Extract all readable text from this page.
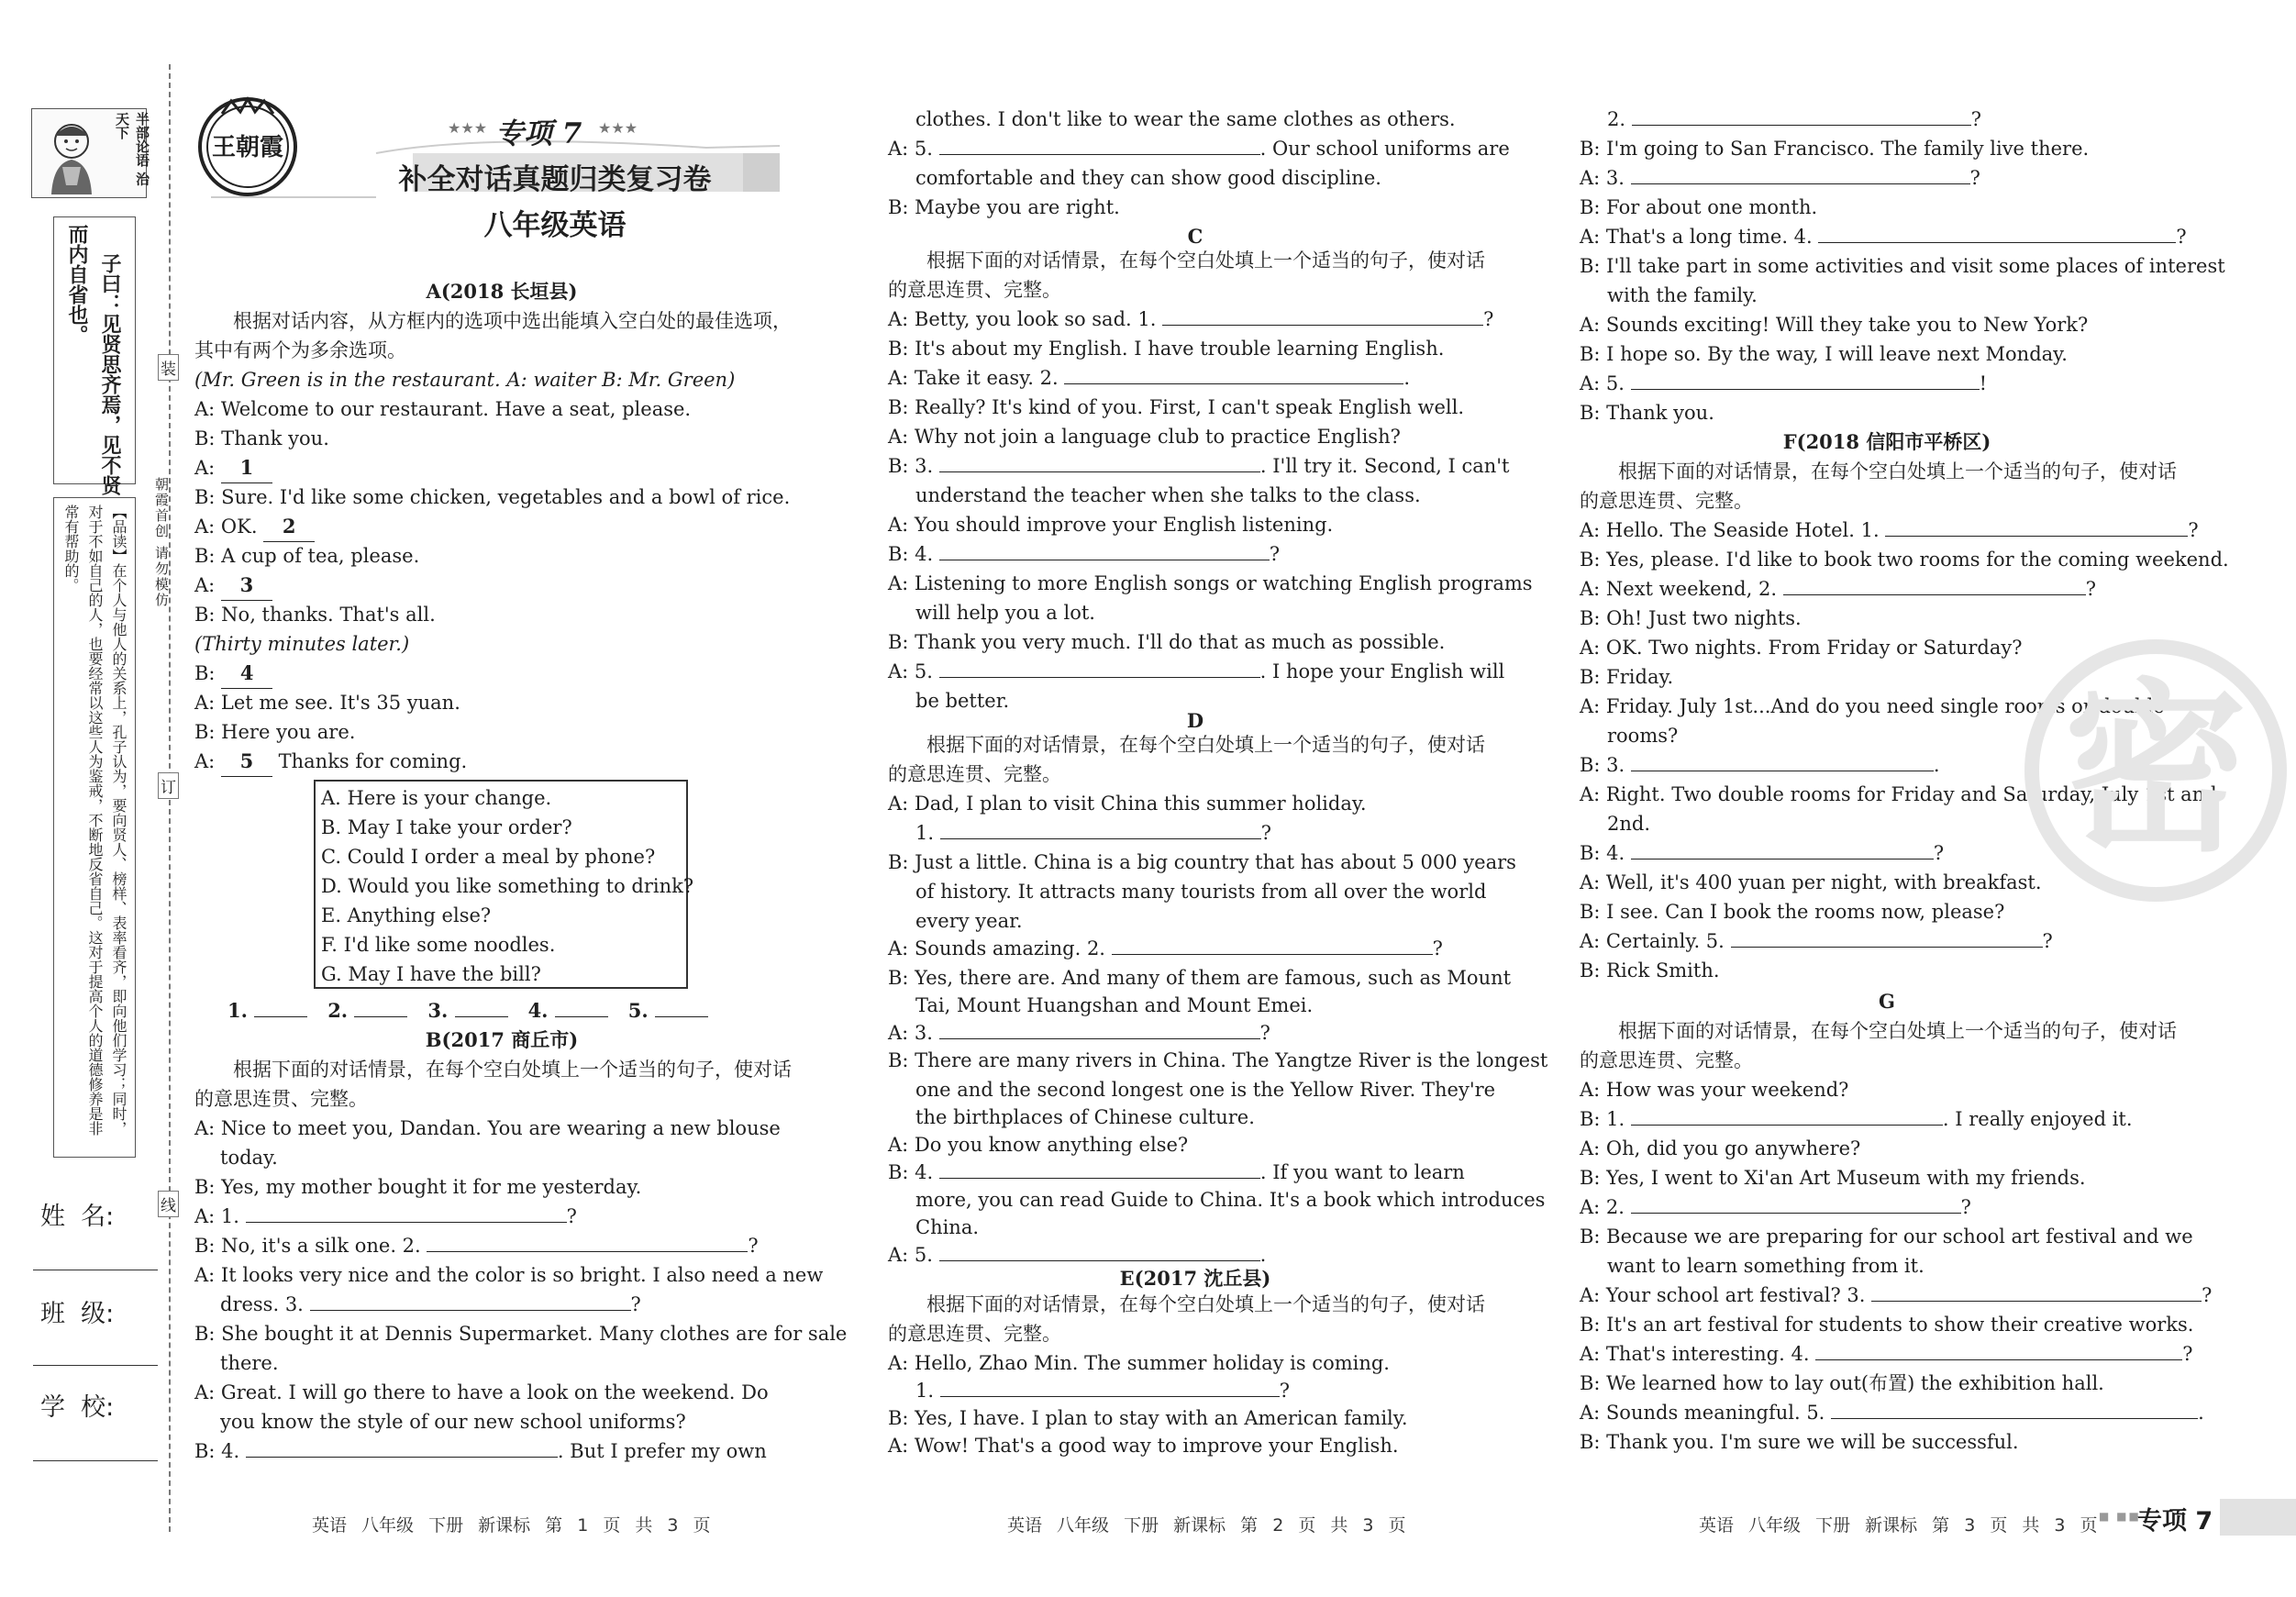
半部论语 治天下
子曰：见贤思齐焉，见不贤
而内自省也。
【品读】在个人与他人的关系上，孔子认为，要向贤人、榜样、表率看齐，即向他们学习；同时，对于不如自己的人，也要经常以这些人为鉴戒，不断地反省自己。这对于提高个人的道德修养是非常有帮助的。
姓  名:
班  级:
学  校:
装
订
线
朝霞首创 请勿模仿
王朝霞
★★★ 专项 7 ★★★
补全对话真题归类复习卷
八年级英语
A(2018 长垣县)
根据对话内容，从方框内的选项中选出能填入空白处的最佳选项，其中有两个为多余选项。
(Mr. Green is in the restaurant. A: waiter B: Mr. Green)
A: Welcome to our restaurant. Have a seat, please.
B: Thank you.
A: 1
B: Sure. I'd like some chicken, vegetables and a bowl of rice.
A: OK. 2
B: A cup of tea, please.
A: 3
B: No, thanks. That's all.
(Thirty minutes later.)
B: 4
A: Let me see. It's 35 yuan.
B: Here you are.
A: 5 Thanks for coming.
A. Here is your change.
B. May I take your order?
C. Could I order a meal by phone?
D. Would you like something to drink?
E. Anything else?
F. I'd like some noodles.
G. May I have the bill?
1.	2.	3.	4.	5.
B(2017 商丘市)
根据下面的对话情景，在每个空白处填上一个适当的句子，使对话的意思连贯、完整。
A: Nice to meet you, Dandan. You are wearing a new blouse
today.
B: Yes, my mother bought it for me yesterday.
A: 1.	?
B: No, it's a silk one. 2.	?
A: It looks very nice and the color is so bright. I also need a new
dress. 3.	?
B: She bought it at Dennis Supermarket. Many clothes are for sale
there.
A: Great. I will go there to have a look on the weekend. Do
you know the style of our new school uniforms?
B: 4.	. But I prefer my own
clothes. I don't like to wear the same clothes as others.
A: 5.	. Our school uniforms are
comfortable and they can show good discipline.
B: Maybe you are right.
C
根据下面的对话情景，在每个空白处填上一个适当的句子，使对话的意思连贯、完整。
A: Betty, you look so sad. 1.	?
B: It's about my English. I have trouble learning English.
A: Take it easy. 2.	.
B: Really? It's kind of you. First, I can't speak English well.
A: Why not join a language club to practice English?
B: 3.	. I'll try it. Second, I can't
understand the teacher when she talks to the class.
A: You should improve your English listening.
B: 4.	?
A: Listening to more English songs or watching English programs
will help you a lot.
B: Thank you very much. I'll do that as much as possible.
A: 5.	. I hope your English will
be better.
D
根据下面的对话情景，在每个空白处填上一个适当的句子，使对话的意思连贯、完整。
A: Dad, I plan to visit China this summer holiday.
1.	?
B: Just a little. China is a big country that has about 5 000 years
of history. It attracts many tourists from all over the world
every year.
A: Sounds amazing. 2.	?
B: Yes, there are. And many of them are famous, such as Mount
Tai, Mount Huangshan and Mount Emei.
A: 3.	?
B: There are many rivers in China. The Yangtze River is the longest
one and the second longest one is the Yellow River. They're
the birthplaces of Chinese culture.
A: Do you know anything else?
B: 4.	. If you want to learn
more, you can read Guide to China. It's a book which introduces
China.
A: 5.	.
E(2017 沈丘县)
根据下面的对话情景，在每个空白处填上一个适当的句子，使对话的意思连贯、完整。
A: Hello, Zhao Min. The summer holiday is coming.
1.	?
B: Yes, I have. I plan to stay with an American family.
A: Wow! That's a good way to improve your English.
2.	?
B: I'm going to San Francisco. The family live there.
A: 3.	?
B: For about one month.
A: That's a long time. 4.	?
B: I'll take part in some activities and visit some places of interest
with the family.
A: Sounds exciting! Will they take you to New York?
B: I hope so. By the way, I will leave next Monday.
A: 5.	!
B: Thank you.
F(2018 信阳市平桥区)
根据下面的对话情景，在每个空白处填上一个适当的句子，使对话的意思连贯、完整。
A: Hello. The Seaside Hotel. 1.	?
B: Yes, please. I'd like to book two rooms for the coming weekend.
A: Next weekend, 2.	?
B: Oh! Just two nights.
A: OK. Two nights. From Friday or Saturday?
B: Friday.
A: Friday. July 1st...And do you need single rooms or double
rooms?
B: 3.	.
A: Right. Two double rooms for Friday and Saturday, July 1st and
2nd.
B: 4.	?
A: Well, it's 400 yuan per night, with breakfast.
B: I see. Can I book the rooms now, please?
A: Certainly. 5.	?
B: Rick Smith.
G
根据下面的对话情景，在每个空白处填上一个适当的句子，使对话的意思连贯、完整。
A: How was your weekend?
B: 1.	. I really enjoyed it.
A: Oh, did you go anywhere?
B: Yes, I went to Xi'an Art Museum with my friends.
A: 2.	?
B: Because we are preparing for our school art festival and we
want to learn something from it.
A: Your school art festival? 3.	?
B: It's an art festival for students to show their creative works.
A: That's interesting. 4.	?
B: We learned how to lay out(布置) the exhibition hall.
A: Sounds meaningful. 5.	.
B: Thank you. I'm sure we will be successful.
密
英语 八年级 下册 新课标 第 1 页 共 3 页	英语 八年级 下册 新课标 第 2 页 共 3 页	英语 八年级 下册 新课标 第 3 页 共 3 页 ■ ■■
专项 7
